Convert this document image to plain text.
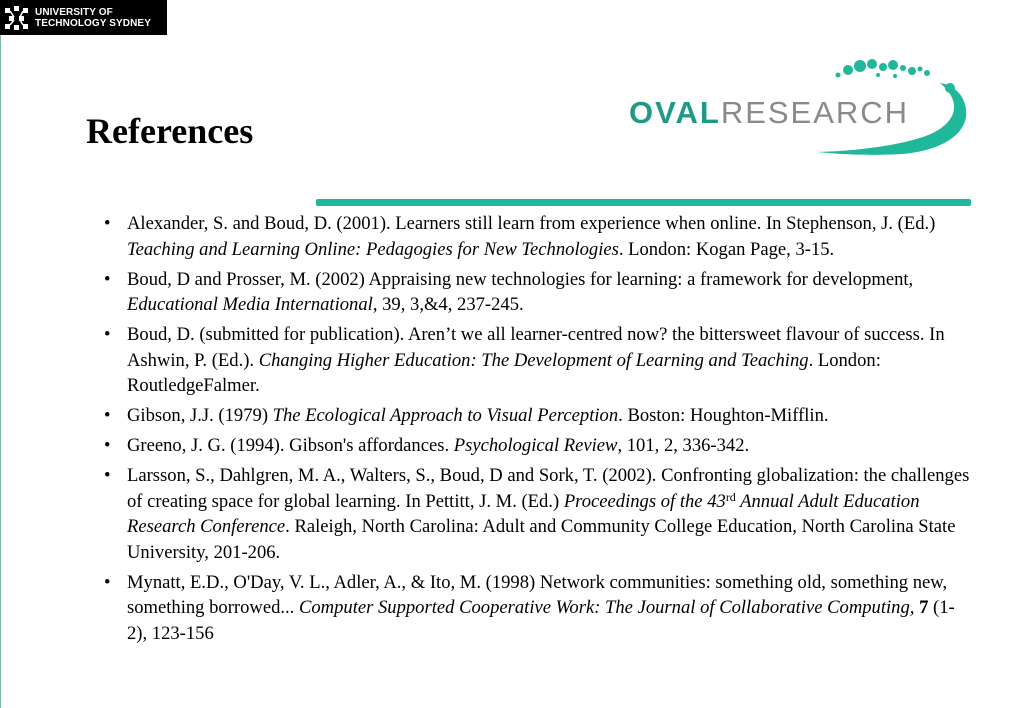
UNIVERSITY OF
TECHNOLOGY SYDNEY
OVALRESEARCH
References
• Alexander, S. and Boud, D. (2001). Learners still learn from experience when online. In Stephenson, J. (Ed.) Teaching and Learning Online: Pedagogies for New Technologies. London: Kogan Page, 3-15.
• Boud, D and Prosser, M. (2002) Appraising new technologies for learning: a framework for development, Educational Media International, 39, 3,&4, 237-245.
• Boud, D. (submitted for publication). Aren’t we all learner-centred now? the bittersweet flavour of success. In Ashwin, P. (Ed.). Changing Higher Education: The Development of Learning and Teaching. London: RoutledgeFalmer.
• Gibson, J.J. (1979) The Ecological Approach to Visual Perception. Boston: Houghton-Mifflin.
• Greeno, J. G. (1994). Gibson's affordances. Psychological Review, 101, 2, 336-342.
• Larsson, S., Dahlgren, M. A., Walters, S., Boud, D and Sork, T. (2002). Confronting globalization: the challenges of creating space for global learning. In Pettitt, J. M. (Ed.) Proceedings of the 43rd Annual Adult Education Research Conference. Raleigh, North Carolina: Adult and Community College Education, North Carolina State University, 201-206.
• Mynatt, E.D., O'Day, V. L., Adler, A., & Ito, M. (1998) Network communities: something old, something new, something borrowed... Computer Supported Cooperative Work: The Journal of Collaborative Computing, 7 (1-2), 123-156
